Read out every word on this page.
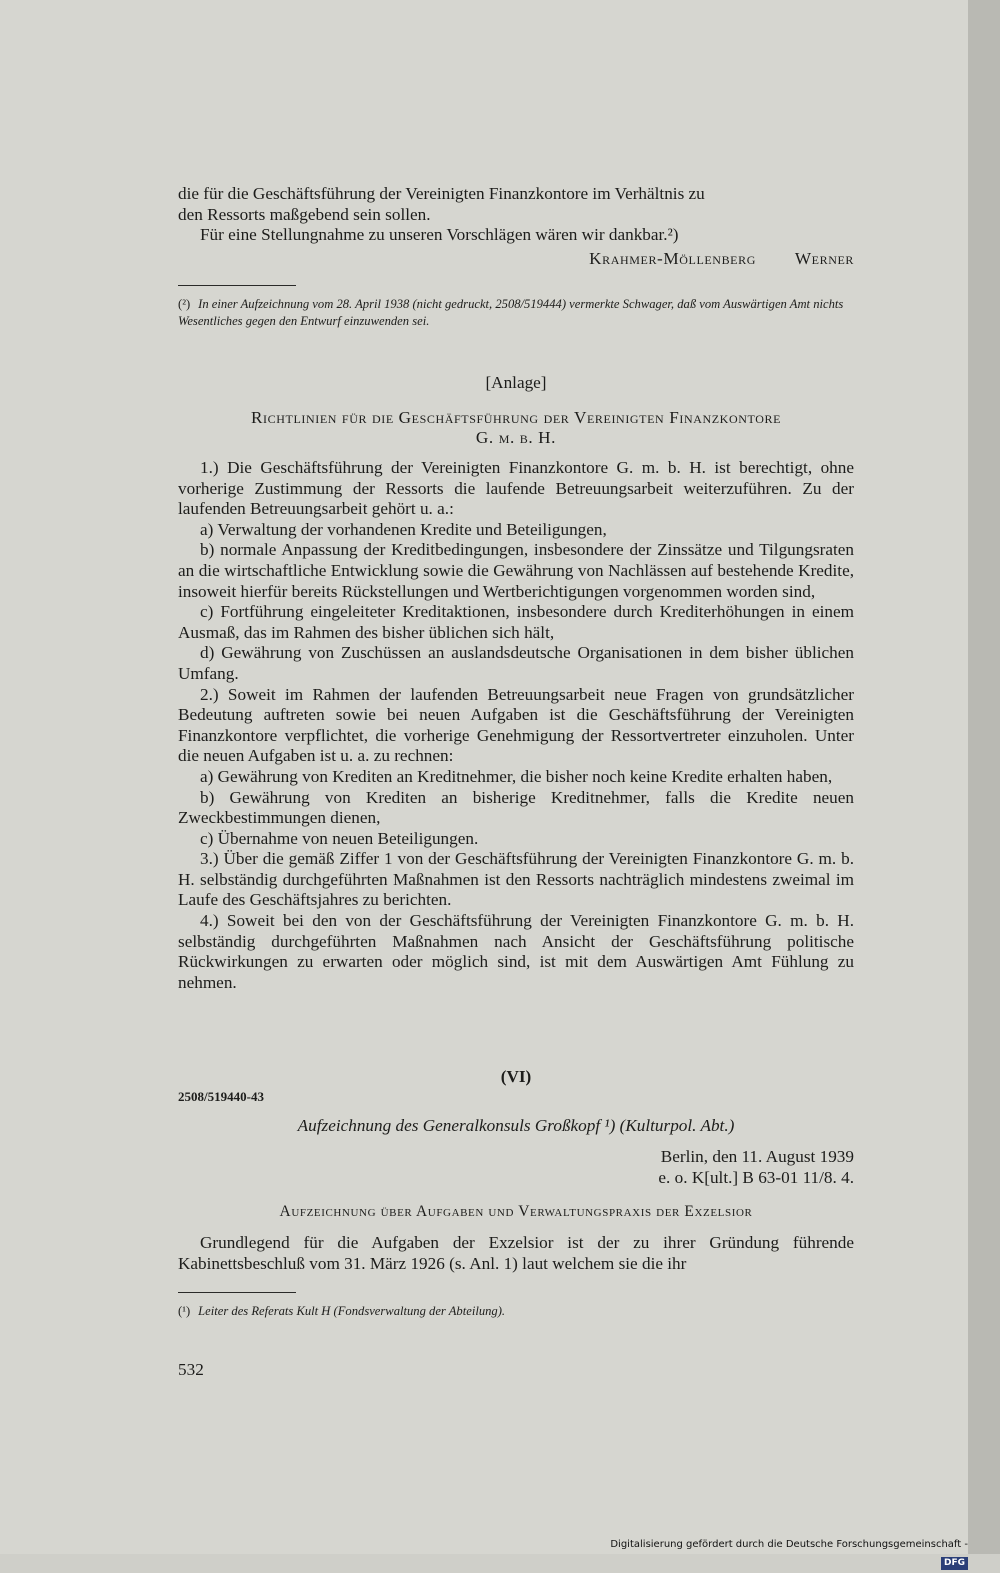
die für die Geschäftsführung der Vereinigten Finanzkontore im Verhältnis zu

den Ressorts maßgebend sein sollen.

Für eine Stellungnahme zu unseren Vorschlägen wären wir dankbar.²)

Krahmer-Möllenberg        Werner

(²) In einer Aufzeichnung vom 28. April 1938 (nicht gedruckt, 2508/519444) vermerkte Schwager, daß vom Auswärtigen Amt nichts Wesentliches gegen den Entwurf einzuwenden sei.

[Anlage]

Richtlinien für die Geschäftsführung der Vereinigten Finanzkontore

G. m. b. H.

1.) Die Geschäftsführung der Vereinigten Finanzkontore G. m. b. H. ist berechtigt, ohne vorherige Zustimmung der Ressorts die laufende Betreuungsarbeit weiterzuführen. Zu der laufenden Betreuungsarbeit gehört u. a.:

a) Verwaltung der vorhandenen Kredite und Beteiligungen,

b) normale Anpassung der Kreditbedingungen, insbesondere der Zinssätze und Tilgungsraten an die wirtschaftliche Entwicklung sowie die Gewährung von Nachlässen auf bestehende Kredite, insoweit hierfür bereits Rückstellungen und Wertberichtigungen vorgenommen worden sind,

c) Fortführung eingeleiteter Kreditaktionen, insbesondere durch Krediterhöhungen in einem Ausmaß, das im Rahmen des bisher üblichen sich hält,

d) Gewährung von Zuschüssen an auslandsdeutsche Organisationen in dem bisher üblichen Umfang.

2.) Soweit im Rahmen der laufenden Betreuungsarbeit neue Fragen von grundsätzlicher Bedeutung auftreten sowie bei neuen Aufgaben ist die Geschäftsführung der Vereinigten Finanzkontore verpflichtet, die vorherige Genehmigung der Ressortvertreter einzuholen. Unter die neuen Aufgaben ist u. a. zu rechnen:

a) Gewährung von Krediten an Kreditnehmer, die bisher noch keine Kredite erhalten haben,

b) Gewährung von Krediten an bisherige Kreditnehmer, falls die Kredite neuen Zweckbestimmungen dienen,

c) Übernahme von neuen Beteiligungen.

3.) Über die gemäß Ziffer 1 von der Geschäftsführung der Vereinigten Finanzkontore G. m. b. H. selbständig durchgeführten Maßnahmen ist den Ressorts nachträglich mindestens zweimal im Laufe des Geschäftsjahres zu berichten.

4.) Soweit bei den von der Geschäftsführung der Vereinigten Finanzkontore G. m. b. H. selbständig durchgeführten Maßnahmen nach Ansicht der Geschäftsführung politische Rückwirkungen zu erwarten oder möglich sind, ist mit dem Auswärtigen Amt Fühlung zu nehmen.

(VI)

2508/519440-43

Aufzeichnung des Generalkonsuls Großkopf ¹) (Kulturpol. Abt.)

Berlin, den 11. August 1939

e. o. K[ult.] B 63-01 11/8. 4.

Aufzeichnung über Aufgaben und Verwaltungspraxis der Exzelsior

Grundlegend für die Aufgaben der Exzelsior ist der zu ihrer Gründung führende Kabinettsbeschluß vom 31. März 1926 (s. Anl. 1) laut welchem sie die ihr

(¹) Leiter des Referats Kult H (Fondsverwaltung der Abteilung).

532

Digitalisierung gefördert durch die Deutsche Forschungsgemeinschaft -DFG
